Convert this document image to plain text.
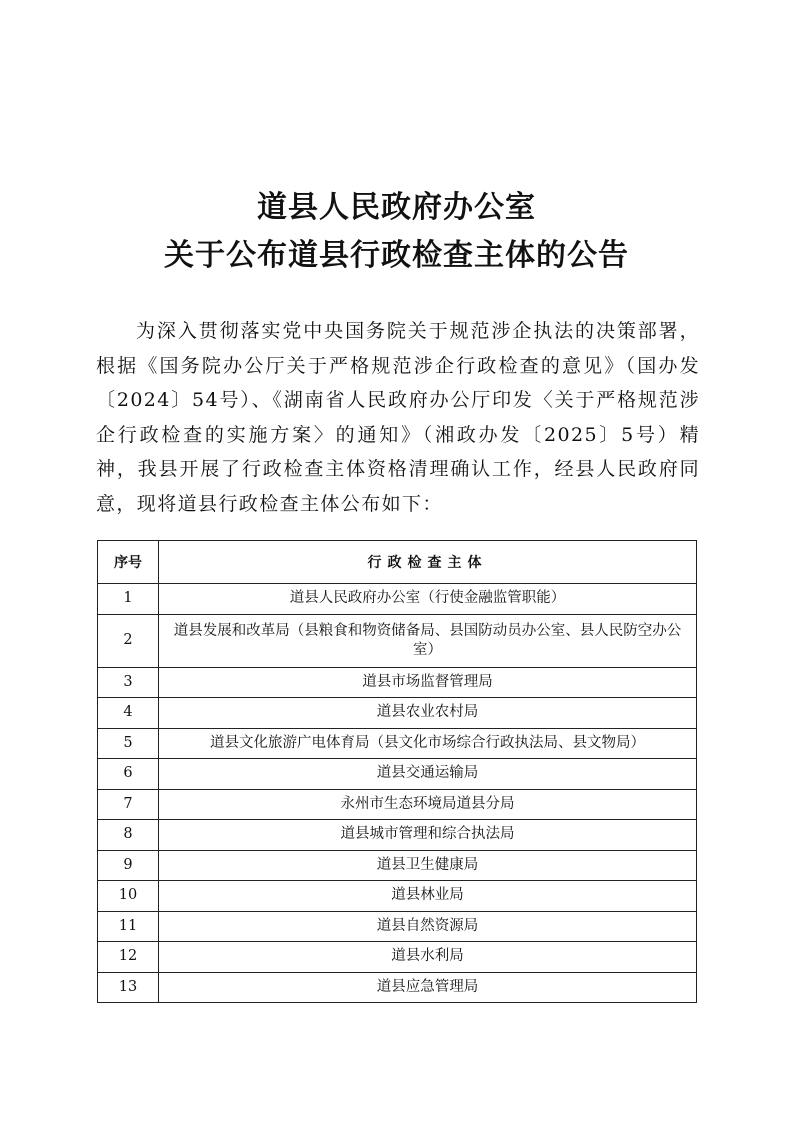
道县人民政府办公室
关于公布道县行政检查主体的公告

为深入贯彻落实党中央国务院关于规范涉企执法的决策部署，根据《国务院办公厅关于严格规范涉企行政检查的意见》（国办发〔2024〕54号）、《湖南省人民政府办公厅印发〈关于严格规范涉企行政检查的实施方案〉的通知》（湘政办发〔2025〕5号）精神，我县开展了行政检查主体资格清理确认工作，经县人民政府同意，现将道县行政检查主体公布如下：

序号	行政检查主体
1	道县人民政府办公室（行使金融监管职能）
2	道县发展和改革局（县粮食和物资储备局、县国防动员办公室、县人民防空办公室）
3	道县市场监督管理局
4	道县农业农村局
5	道县文化旅游广电体育局（县文化市场综合行政执法局、县文物局）
6	道县交通运输局
7	永州市生态环境局道县分局
8	道县城市管理和综合执法局
9	道县卫生健康局
10	道县林业局
11	道县自然资源局
12	道县水利局
13	道县应急管理局
